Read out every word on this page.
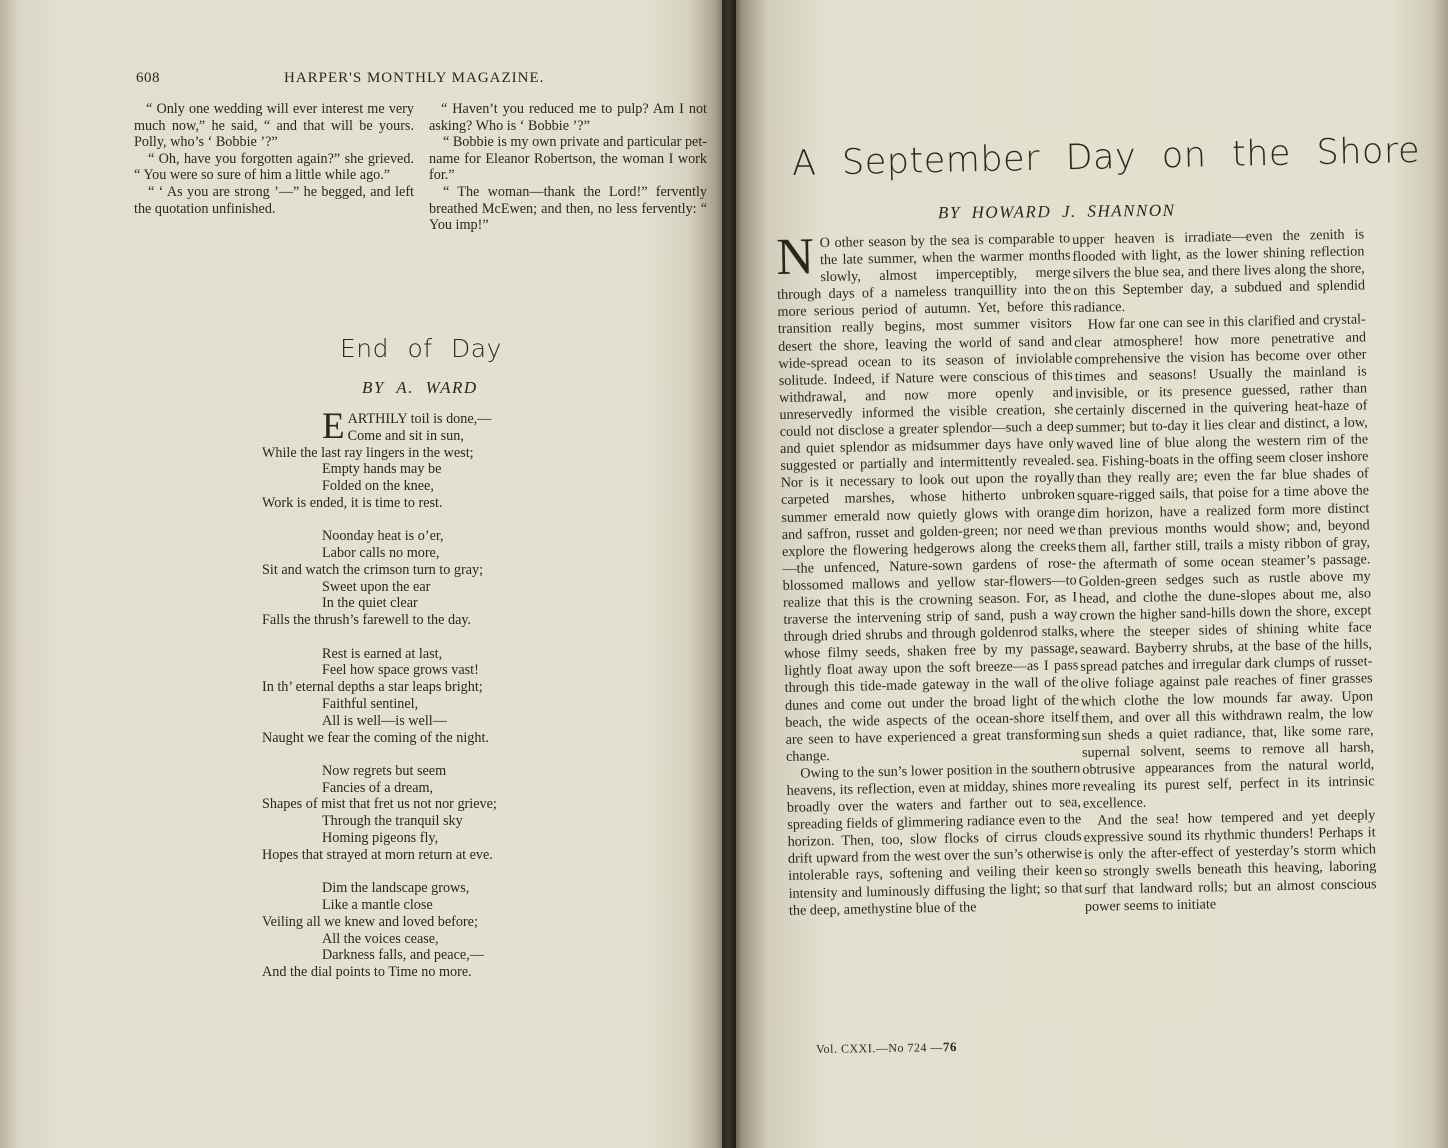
608	HARPER'S MONTHLY MAGAZINE.

“ Only one wedding will ever interest me very much now,” he said, “ and that will be yours. Polly, who’s ‘ Bobbie ’?”

“ Oh, have you forgotten again?” she grieved. “ You were so sure of him a little while ago.”

“ ‘ As you are strong ’—” he begged, and left the quotation unfinished.

“ Haven’t you reduced me to pulp? Am I not asking? Who is ‘ Bobbie ’?”

“ Bobbie is my own private and particular pet-name for Eleanor Robertson, the woman I work for.”

“ The woman—thank the Lord!” fervently breathed McEwen; and then, no less fervently: “ You imp!”

End of Day
BY A. WARD
E ARTHILY toil is done,—
Come and sit in sun,
While the last ray lingers in the west;
Empty hands may be
Folded on the knee,
Work is ended, it is time to rest.
Noonday heat is o’er,
Labor calls no more,
Sit and watch the crimson turn to gray;
Sweet upon the ear
In the quiet clear
Falls the thrush’s farewell to the day.
Rest is earned at last,
Feel how space grows vast!
In th’ eternal depths a star leaps bright;
Faithful sentinel,
All is well—is well—
Naught we fear the coming of the night.
Now regrets but seem
Fancies of a dream,
Shapes of mist that fret us not nor grieve;
Through the tranquil sky
Homing pigeons fly,
Hopes that strayed at morn return at eve.
Dim the landscape grows,
Like a mantle close
Veiling all we knew and loved before;
All the voices cease,
Darkness falls, and peace,—
And the dial points to Time no more.
A September Day on the Shore
BY HOWARD J. SHANNON

N O other season by the sea is comparable to the late summer, when the warmer months slowly, almost imperceptibly, merge through days of a nameless tranquillity into the more serious period of autumn. Yet, before this transition really begins, most summer visitors desert the shore, leaving the world of sand and wide-spread ocean to its season of inviolable solitude. Indeed, if Nature were conscious of this withdrawal, and now more openly and unreservedly informed the visible creation, she could not disclose a greater splendor—such a deep and quiet splendor as midsummer days have only suggested or partially and intermittently revealed. Nor is it necessary to look out upon the royally carpeted marshes, whose hitherto unbroken summer emerald now quietly glows with orange and saffron, russet and golden-green; nor need we explore the flowering hedgerows along the creeks—the unfenced, Nature-sown gardens of rose-blossomed mallows and yellow star-flowers—to realize that this is the crowning season. For, as I traverse the intervening strip of sand, push a way through dried shrubs and through goldenrod stalks, whose filmy seeds, shaken free by my passage, lightly float away upon the soft breeze—as I pass through this tide-made gateway in the wall of the dunes and come out under the broad light of the beach, the wide aspects of the ocean-shore itself are seen to have experienced a great transforming change.

Owing to the sun’s lower position in the southern heavens, its reflection, even at midday, shines more broadly over the waters and farther out to sea, spreading fields of glimmering radiance even to the horizon. Then, too, slow flocks of cirrus clouds drift upward from the west over the sun’s otherwise intolerable rays, softening and veiling their keen intensity and luminously diffusing the light; so that the deep, amethystine blue of the

upper heaven is irradiate—even the zenith is flooded with light, as the lower shining reflection silvers the blue sea, and there lives along the shore, on this September day, a subdued and splendid radiance.

How far one can see in this clarified and crystal-clear atmosphere! how more penetrative and comprehensive the vision has become over other times and seasons! Usually the mainland is invisible, or its presence guessed, rather than certainly discerned in the quivering heat-haze of summer; but to-day it lies clear and distinct, a low, waved line of blue along the western rim of the sea. Fishing-boats in the offing seem closer inshore than they really are; even the far blue shades of square-rigged sails, that poise for a time above the dim horizon, have a realized form more distinct than previous months would show; and, beyond them all, farther still, trails a misty ribbon of gray, the aftermath of some ocean steamer’s passage. Golden-green sedges such as rustle above my head, and clothe the dune-slopes about me, also crown the higher sand-hills down the shore, except where the steeper sides of shining white face seaward. Bayberry shrubs, at the base of the hills, spread patches and irregular dark clumps of russet-olive foliage against pale reaches of finer grasses which clothe the low mounds far away. Upon them, and over all this withdrawn realm, the low sun sheds a quiet radiance, that, like some rare, supernal solvent, seems to remove all harsh, obtrusive appearances from the natural world, revealing its purest self, perfect in its intrinsic excellence.

And the sea! how tempered and yet deeply expressive sound its rhythmic thunders! Perhaps it is only the after-effect of yesterday’s storm which so strongly swells beneath this heaving, laboring surf that landward rolls; but an almost conscious power seems to initiate

Vol. CXXI.—No 724 —76
